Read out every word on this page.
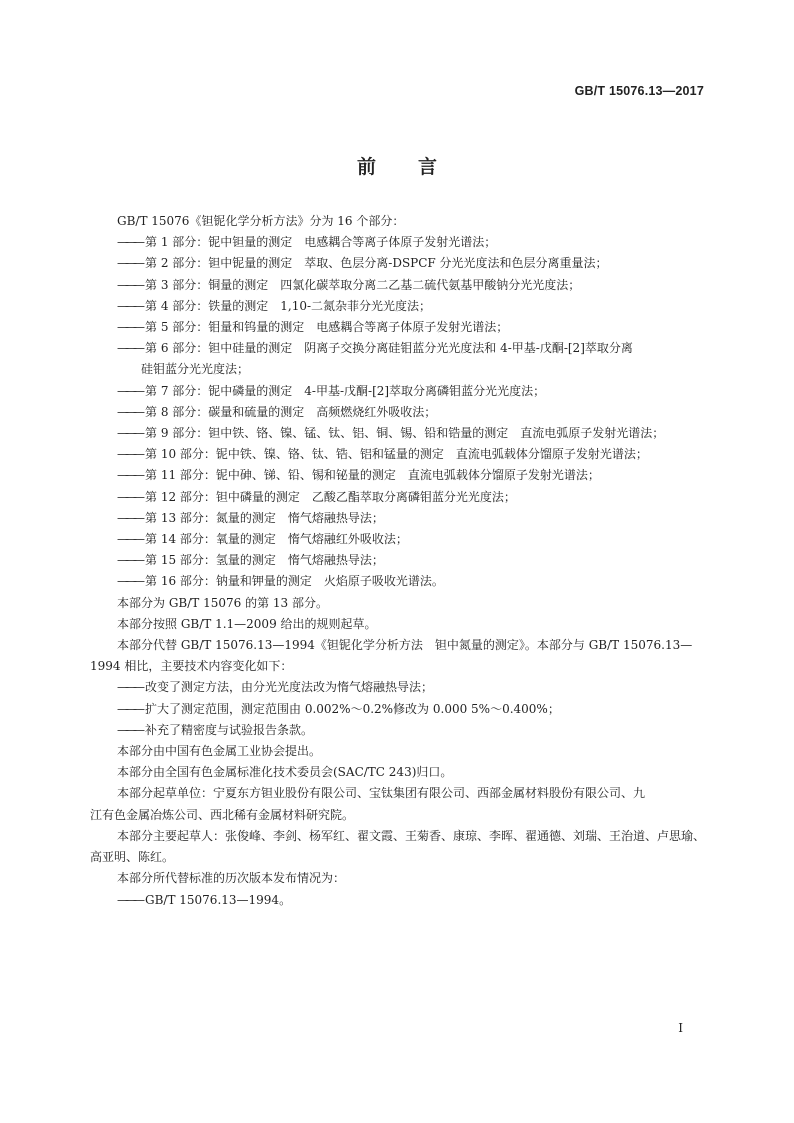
GB/T 15076.13—2017
前言
GB/T 15076《钽铌化学分析方法》分为 16 个部分：
——— 第 1 部分：铌中钽量的测定　电感耦合等离子体原子发射光谱法；
——— 第 2 部分：钽中铌量的测定　萃取、色层分离-DSPCF 分光光度法和色层分离重量法；
——— 第 3 部分：铜量的测定　四氯化碳萃取分离二乙基二硫代氨基甲酸钠分光光度法；
——— 第 4 部分：铁量的测定　1,10-二氮杂菲分光光度法；
——— 第 5 部分：钼量和钨量的测定　电感耦合等离子体原子发射光谱法；
——— 第 6 部分：钽中硅量的测定　阴离子交换分离硅钼蓝分光光度法和 4-甲基-戊酮-[2]萃取分离
硅钼蓝分光光度法；
——— 第 7 部分：铌中磷量的测定　4-甲基-戊酮-[2]萃取分离磷钼蓝分光光度法；
——— 第 8 部分：碳量和硫量的测定　高频燃烧红外吸收法；
——— 第 9 部分：钽中铁、铬、镍、锰、钛、铝、铜、锡、铅和锆量的测定　直流电弧原子发射光谱法；
——— 第 10 部分：铌中铁、镍、铬、钛、锆、铝和锰量的测定　直流电弧载体分馏原子发射光谱法；
——— 第 11 部分：铌中砷、锑、铅、锡和铋量的测定　直流电弧载体分馏原子发射光谱法；
——— 第 12 部分：钽中磷量的测定　乙酸乙酯萃取分离磷钼蓝分光光度法；
——— 第 13 部分：氮量的测定　惰气熔融热导法；
——— 第 14 部分：氧量的测定　惰气熔融红外吸收法；
——— 第 15 部分：氢量的测定　惰气熔融热导法；
——— 第 16 部分：钠量和钾量的测定　火焰原子吸收光谱法。
本部分为 GB/T 15076 的第 13 部分。
本部分按照 GB/T 1.1—2009 给出的规则起草。
本部分代替 GB/T 15076.13—1994《钽铌化学分析方法　钽中氮量的测定》。本部分与 GB/T 15076.13—
1994 相比，主要技术内容变化如下：
——— 改变了测定方法，由分光光度法改为惰气熔融热导法；
——— 扩大了测定范围，测定范围由 0.002%～0.2%修改为 0.000 5%～0.400%；
——— 补充了精密度与试验报告条款。
本部分由中国有色金属工业协会提出。
本部分由全国有色金属标准化技术委员会(SAC/TC 243)归口。
本部分起草单位：宁夏东方钽业股份有限公司、宝钛集团有限公司、西部金属材料股份有限公司、九
江有色金属冶炼公司、西北稀有金属材料研究院。
本部分主要起草人：张俊峰、李剑、杨军红、翟文霞、王菊香、康琼、李晖、翟通德、刘瑞、王治道、卢思瑜、
高亚明、陈红。
本部分所代替标准的历次版本发布情况为：
——— GB/T 15076.13—1994。
I
